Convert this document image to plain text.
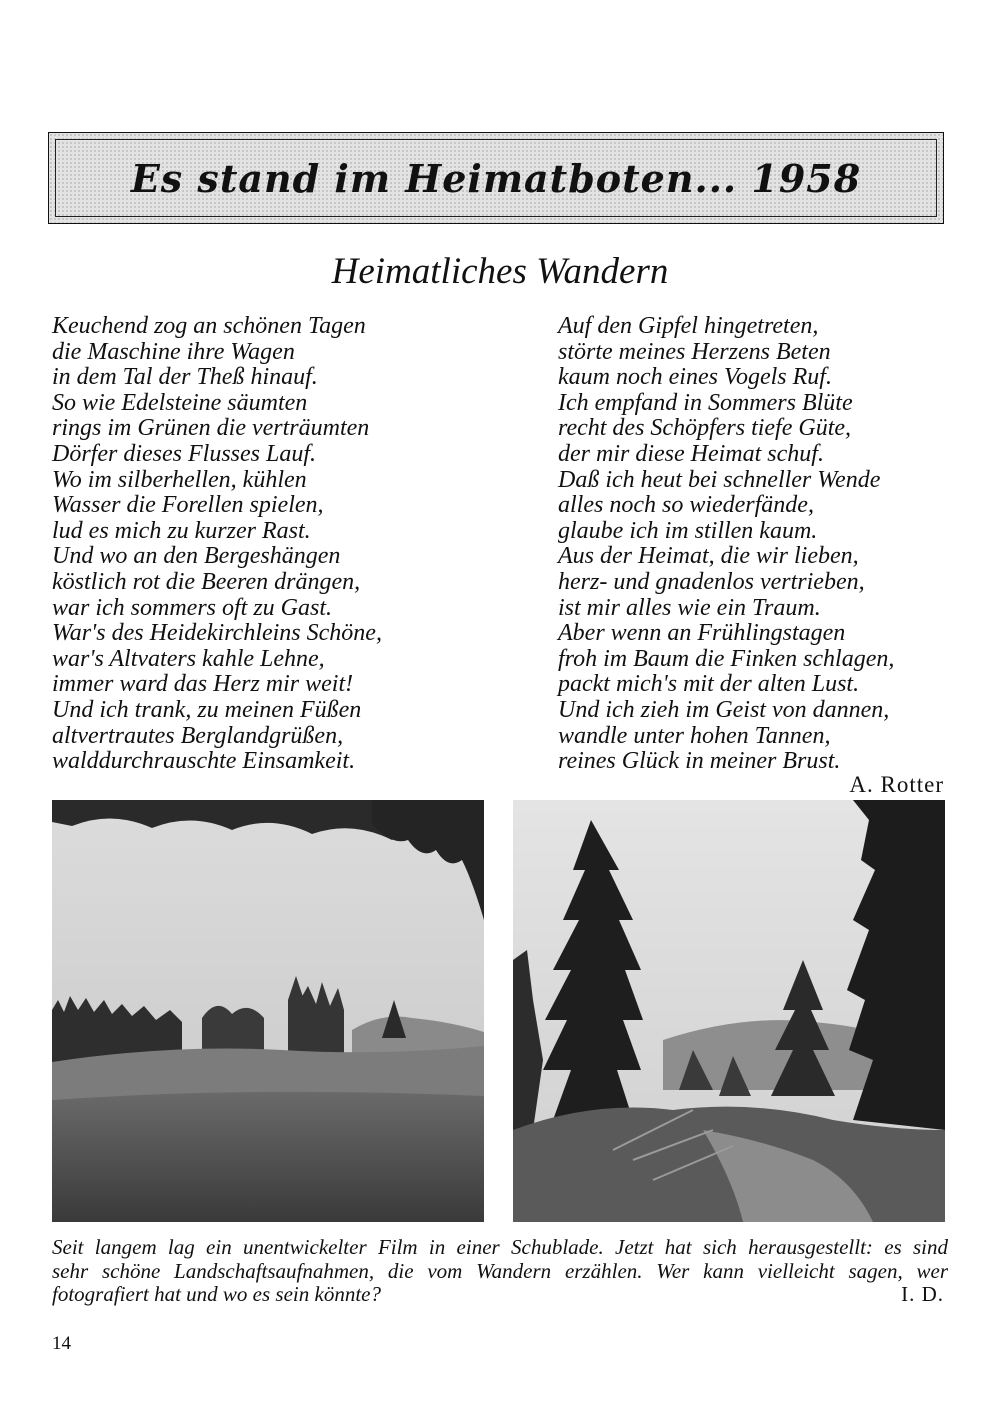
Es stand im Heimatboten... 1958
Heimatliches Wandern
Keuchend zog an schönen Tagen
die Maschine ihre Wagen
in dem Tal der Theß hinauf.
So wie Edelsteine säumten
rings im Grünen die verträumten
Dörfer dieses Flusses Lauf.
Wo im silberhellen, kühlen
Wasser die Forellen spielen,
lud es mich zu kurzer Rast.
Und wo an den Bergeshängen
köstlich rot die Beeren drängen,
war ich sommers oft zu Gast.
War's des Heidekirchleins Schöne,
war's Altvaters kahle Lehne,
immer ward das Herz mir weit!
Und ich trank, zu meinen Füßen
altvertrautes Berglandgrüßen,
walddurchrauschte Einsamkeit.
Auf den Gipfel hingetreten,
störte meines Herzens Beten
kaum noch eines Vogels Ruf.
Ich empfand in Sommers Blüte
recht des Schöpfers tiefe Güte,
der mir diese Heimat schuf.
Daß ich heut bei schneller Wende
alles noch so wiederfände,
glaube ich im stillen kaum.
Aus der Heimat, die wir lieben,
herz- und gnadenlos vertrieben,
ist mir alles wie ein Traum.
Aber wenn an Frühlingstagen
froh im Baum die Finken schlagen,
packt mich's mit der alten Lust.
Und ich zieh im Geist von dannen,
wandle unter hohen Tannen,
reines Glück in meiner Brust.
A. Rotter

Seit langem lag ein unentwickelter Film in einer Schublade. Jetzt hat sich herausgestellt: es sind
sehr schöne Landschaftsaufnahmen, die vom Wandern erzählen. Wer kann vielleicht sagen, wer
fotografiert hat und wo es sein könnte?	I. D.

14
